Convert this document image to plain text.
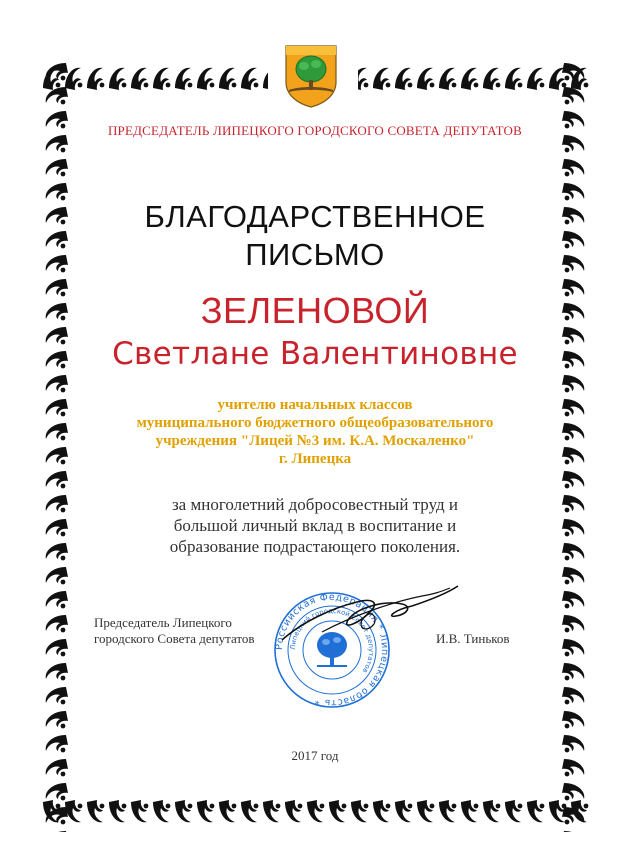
ПРЕДСЕДАТЕЛЬ ЛИПЕЦКОГО ГОРОДСКОГО СОВЕТА ДЕПУТАТОВ
БЛАГОДАРСТВЕННОЕ
ПИСЬМО
ЗЕЛЕНОВОЙ
Светлане Валентиновне
учителю начальных классов
муниципального бюджетного общеобразовательного
учреждения "Лицей №3 им. К.А. Москаленко"
г. Липецка
за многолетний добросовестный труд и
большой личный вклад в воспитание и
образование подрастающего поколения.
Председатель Липецкого
городского Совета депутатов
Российская Федерация * Липецкая область *
Липецкий городской Совет депутатов
И.В. Тиньков
2017 год
